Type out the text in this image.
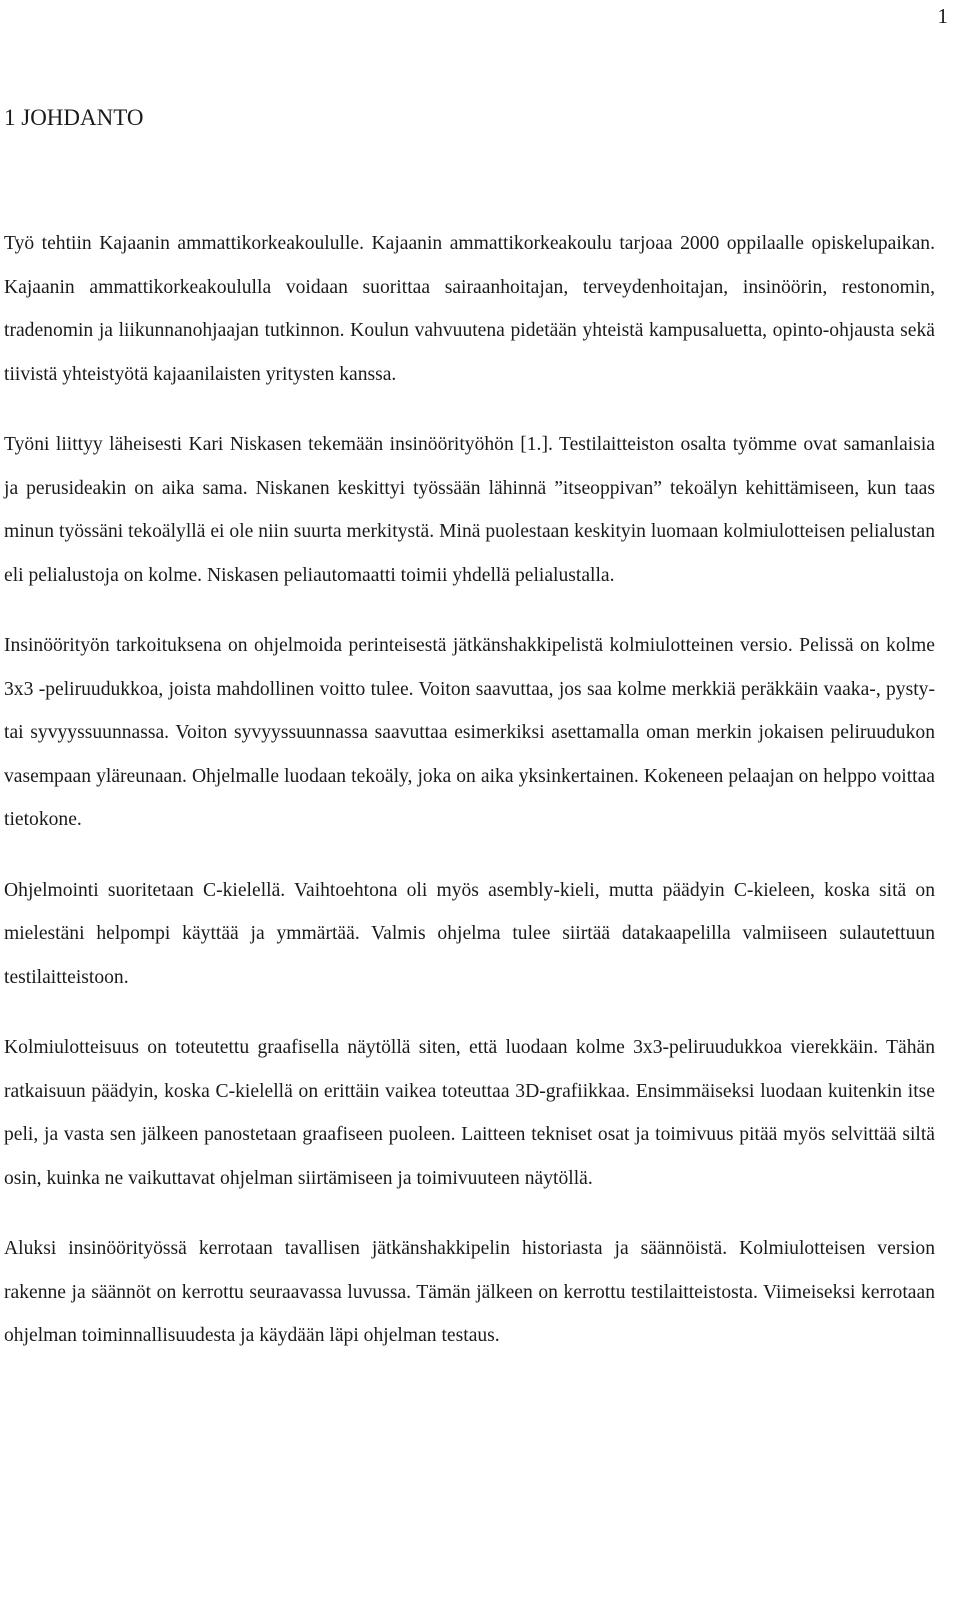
1
1 JOHDANTO

Työ tehtiin Kajaanin ammattikorkeakoululle. Kajaanin ammattikorkeakoulu tarjoaa 2000 oppilaalle opiskelupaikan. Kajaanin ammattikorkeakoululla voidaan suorittaa sairaanhoitajan, terveydenhoitajan, insinöörin, restonomin, tradenomin ja liikunnanohjaajan tutkinnon. Koulun vahvuutena pidetään yhteistä kampusaluetta, opinto-ohjausta sekä tiivistä yhteistyötä kajaanilaisten yritysten kanssa.

Työni liittyy läheisesti Kari Niskasen tekemään insinöörityöhön [1.]. Testilaitteiston osalta työmme ovat samanlaisia ja perusideakin on aika sama. Niskanen keskittyi työssään lähinnä ”itseoppivan” tekoälyn kehittämiseen, kun taas minun työssäni tekoälyllä ei ole niin suurta merkitystä. Minä puolestaan keskityin luomaan kolmiulotteisen pelialustan eli pelialustoja on kolme. Niskasen peliautomaatti toimii yhdellä pelialustalla.

Insinöörityön tarkoituksena on ohjelmoida perinteisestä jätkänshakkipelistä kolmiulotteinen versio. Pelissä on kolme 3x3 -peliruudukkoa, joista mahdollinen voitto tulee. Voiton saavuttaa, jos saa kolme merkkiä peräkkäin vaaka-, pysty- tai syvyyssuunnassa. Voiton syvyyssuunnassa saavuttaa esimerkiksi asettamalla oman merkin jokaisen peliruudukon vasempaan yläreunaan. Ohjelmalle luodaan tekoäly, joka on aika yksinkertainen. Kokeneen pelaajan on helppo voittaa tietokone.

Ohjelmointi suoritetaan C-kielellä. Vaihtoehtona oli myös asembly-kieli, mutta päädyin C-kieleen, koska sitä on mielestäni helpompi käyttää ja ymmärtää. Valmis ohjelma tulee siirtää datakaapelilla valmiiseen sulautettuun testilaitteistoon.

Kolmiulotteisuus on toteutettu graafisella näytöllä siten, että luodaan kolme 3x3-peliruudukkoa vierekkäin. Tähän ratkaisuun päädyin, koska C-kielellä on erittäin vaikea toteuttaa 3D-grafiikkaa. Ensimmäiseksi luodaan kuitenkin itse peli, ja vasta sen jälkeen panostetaan graafiseen puoleen. Laitteen tekniset osat ja toimivuus pitää myös selvittää siltä osin, kuinka ne vaikuttavat ohjelman siirtämiseen ja toimivuuteen näytöllä.

Aluksi insinöörityössä kerrotaan tavallisen jätkänshakkipelin historiasta ja säännöistä. Kolmiulotteisen version rakenne ja säännöt on kerrottu seuraavassa luvussa. Tämän jälkeen on kerrottu testilaitteistosta. Viimeiseksi kerrotaan ohjelman toiminnallisuudesta ja käydään läpi ohjelman testaus.
